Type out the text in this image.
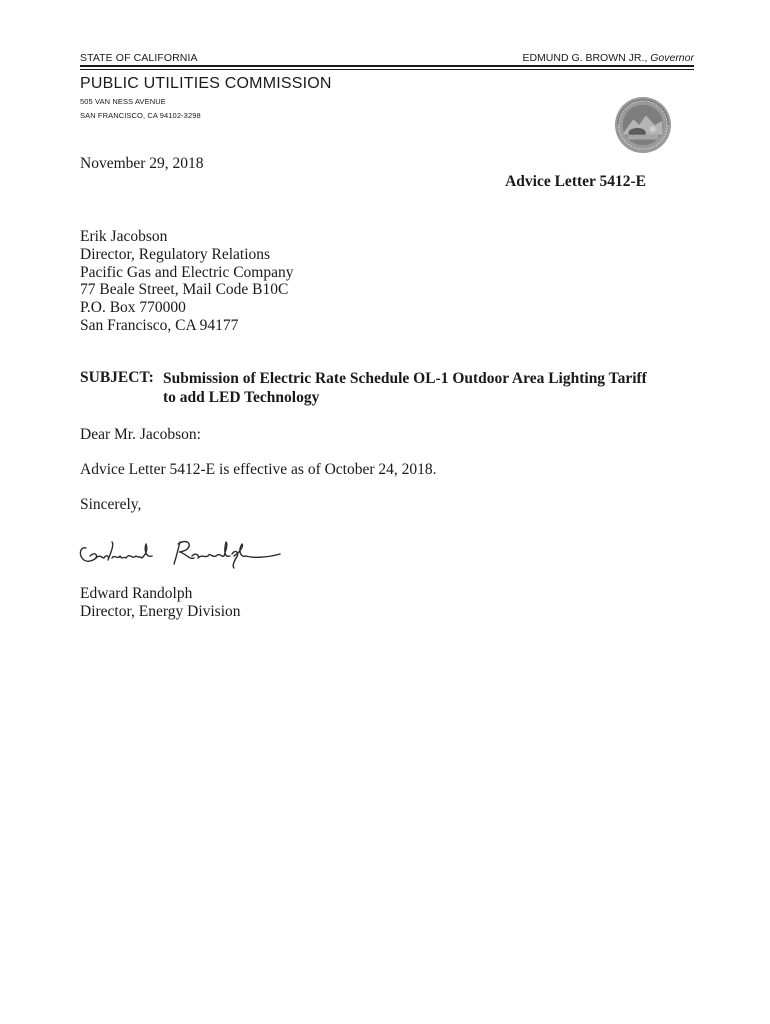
STATE OF CALIFORNIA	EDMUND G. BROWN JR., Governor
PUBLIC UTILITIES COMMISSION
505 VAN NESS AVENUE
SAN FRANCISCO, CA 94102-3298
November 29, 2018
Advice Letter 5412-E
Erik Jacobson
Director, Regulatory Relations
Pacific Gas and Electric Company
77 Beale Street, Mail Code B10C
P.O. Box 770000
San Francisco, CA 94177
SUBJECT: Submission of Electric Rate Schedule OL-1 Outdoor Area Lighting Tariff to add LED Technology
Dear Mr. Jacobson:
Advice Letter 5412-E is effective as of October 24, 2018.
Sincerely,
Edward Randolph
Director, Energy Division
